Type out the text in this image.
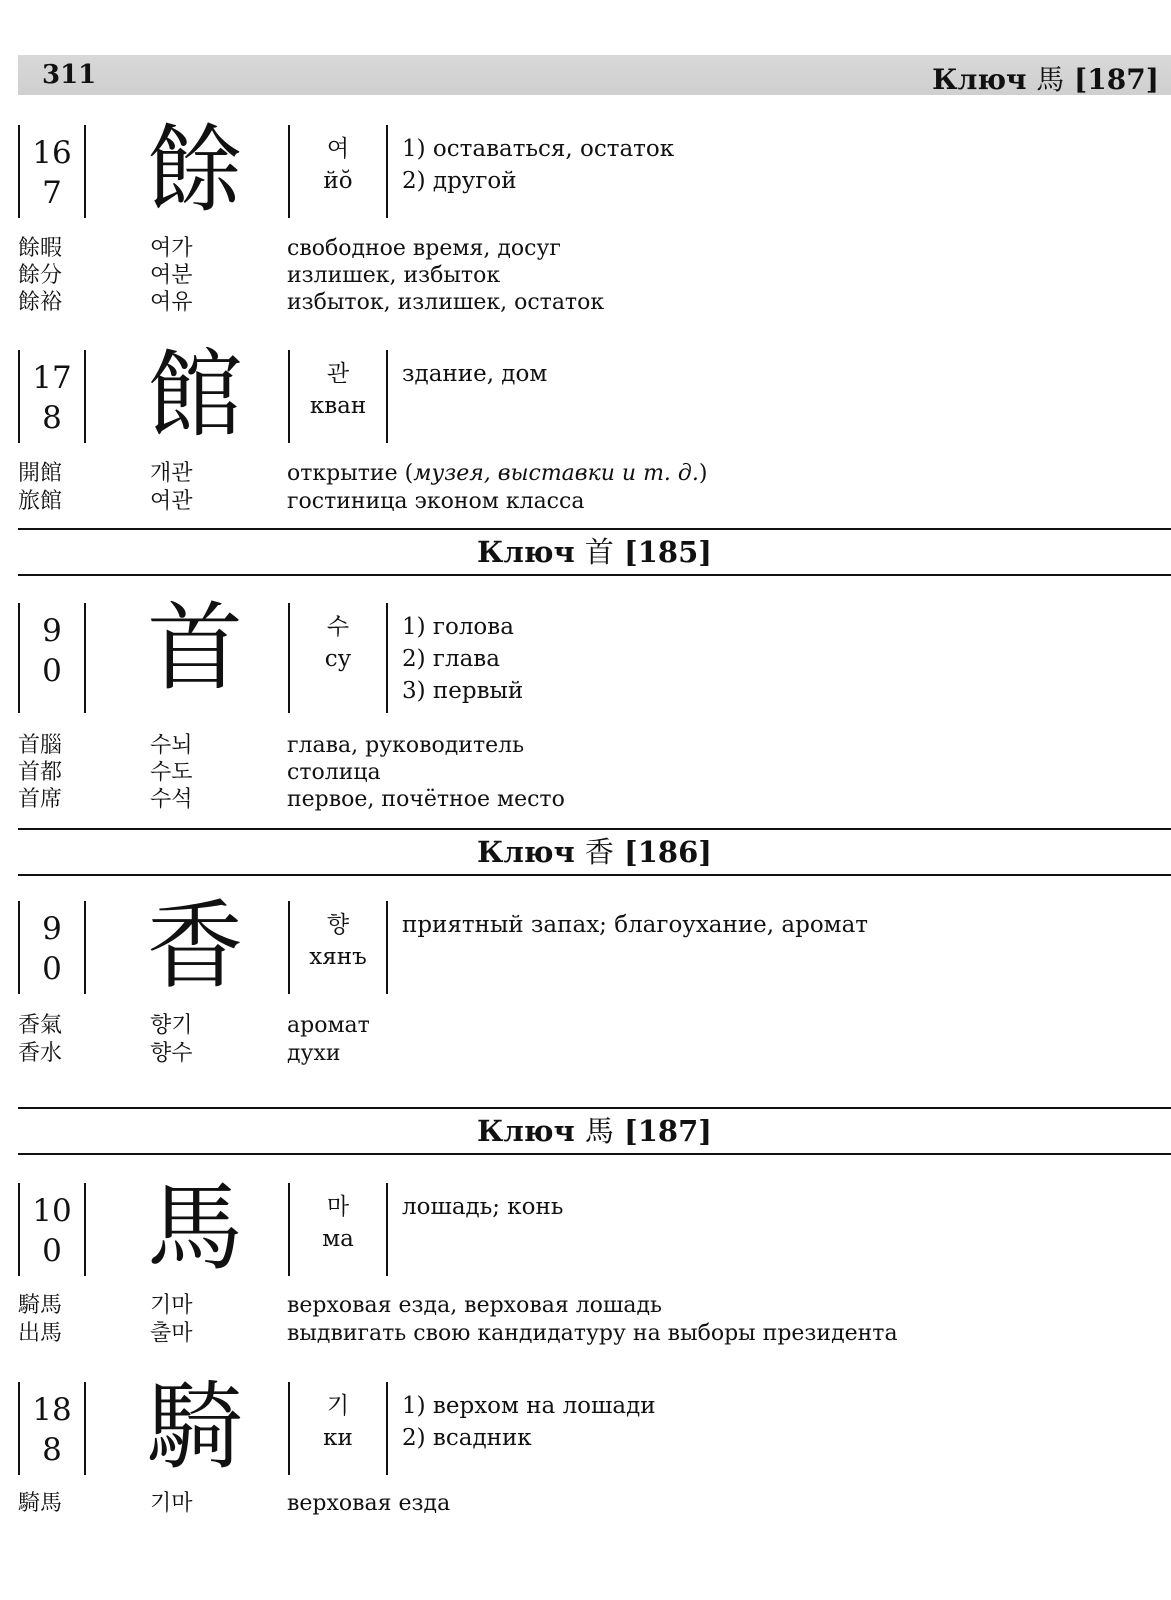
311	Ключ 馬 [187]
16
7 餘	여
йŏ
1) оставаться, остаток
2) другой
餘暇	여가	свободное время, досуг
餘分	여분	излишек, избыток
餘裕	여유	избыток, излишек, остаток
17
8 館	관
кван
здание, дом
開館	개관	открытие (музея, выставки и т. д.)
旅館	여관	гостиница эконом класса
Ключ 首 [185]
9
0 首	수
су
1) голова
2) глава
3) первый
首腦	수뇌	глава, руководитель
首都	수도	столица
首席	수석	первое, почётное место
Ключ 香 [186]
9
0 香	향
хянъ
приятный запах; благоухание, аромат
香氣	향기	аромат
香水	향수	духи
Ключ 馬 [187]
10
0 馬	마
ма
лошадь; конь
騎馬	기마	верховая езда, верховая лошадь
出馬	출마	выдвигать свою кандидатуру на выборы президента
18
8 騎	기
ки
1) верхом на лошади
2) всадник
騎馬	기마	верховая езда
